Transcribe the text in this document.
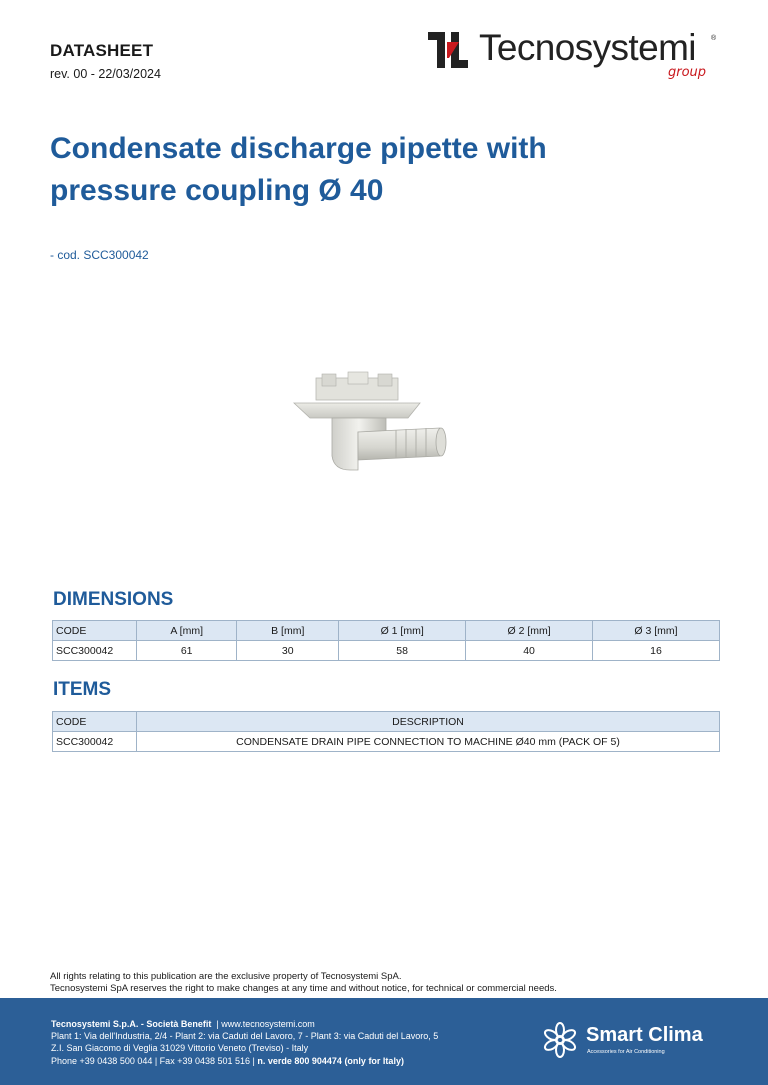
DATASHEET
rev. 00 - 22/03/2024
Tecnosystemi ®
group
Condensate discharge pipette with pressure coupling Ø 40
- cod. SCC300042
DIMENSIONS
CODE	A [mm]	B [mm]	Ø 1 [mm]	Ø 2 [mm]	Ø 3 [mm]
SCC300042	61	30	58	40	16
ITEMS
CODE	DESCRIPTION
SCC300042	CONDENSATE DRAIN PIPE CONNECTION TO MACHINE Ø40 mm (PACK OF 5)
All rights relating to this publication are the exclusive property of Tecnosystemi SpA.
Tecnosystemi SpA reserves the right to make changes at any time and without notice, for technical or commercial needs.
Tecnosystemi S.p.A. - Società Benefit | www.tecnosystemi.com
Plant 1: Via dell'Industria, 2/4 - Plant 2: via Caduti del Lavoro, 7 - Plant 3: via Caduti del Lavoro, 5
Z.I. San Giacomo di Veglia 31029 Vittorio Veneto (Treviso) - Italy
Phone +39 0438 500 044 | Fax +39 0438 501 516 | n. verde 800 904474 (only for Italy)
Smart Clima
Accessories for Air Conditioning
